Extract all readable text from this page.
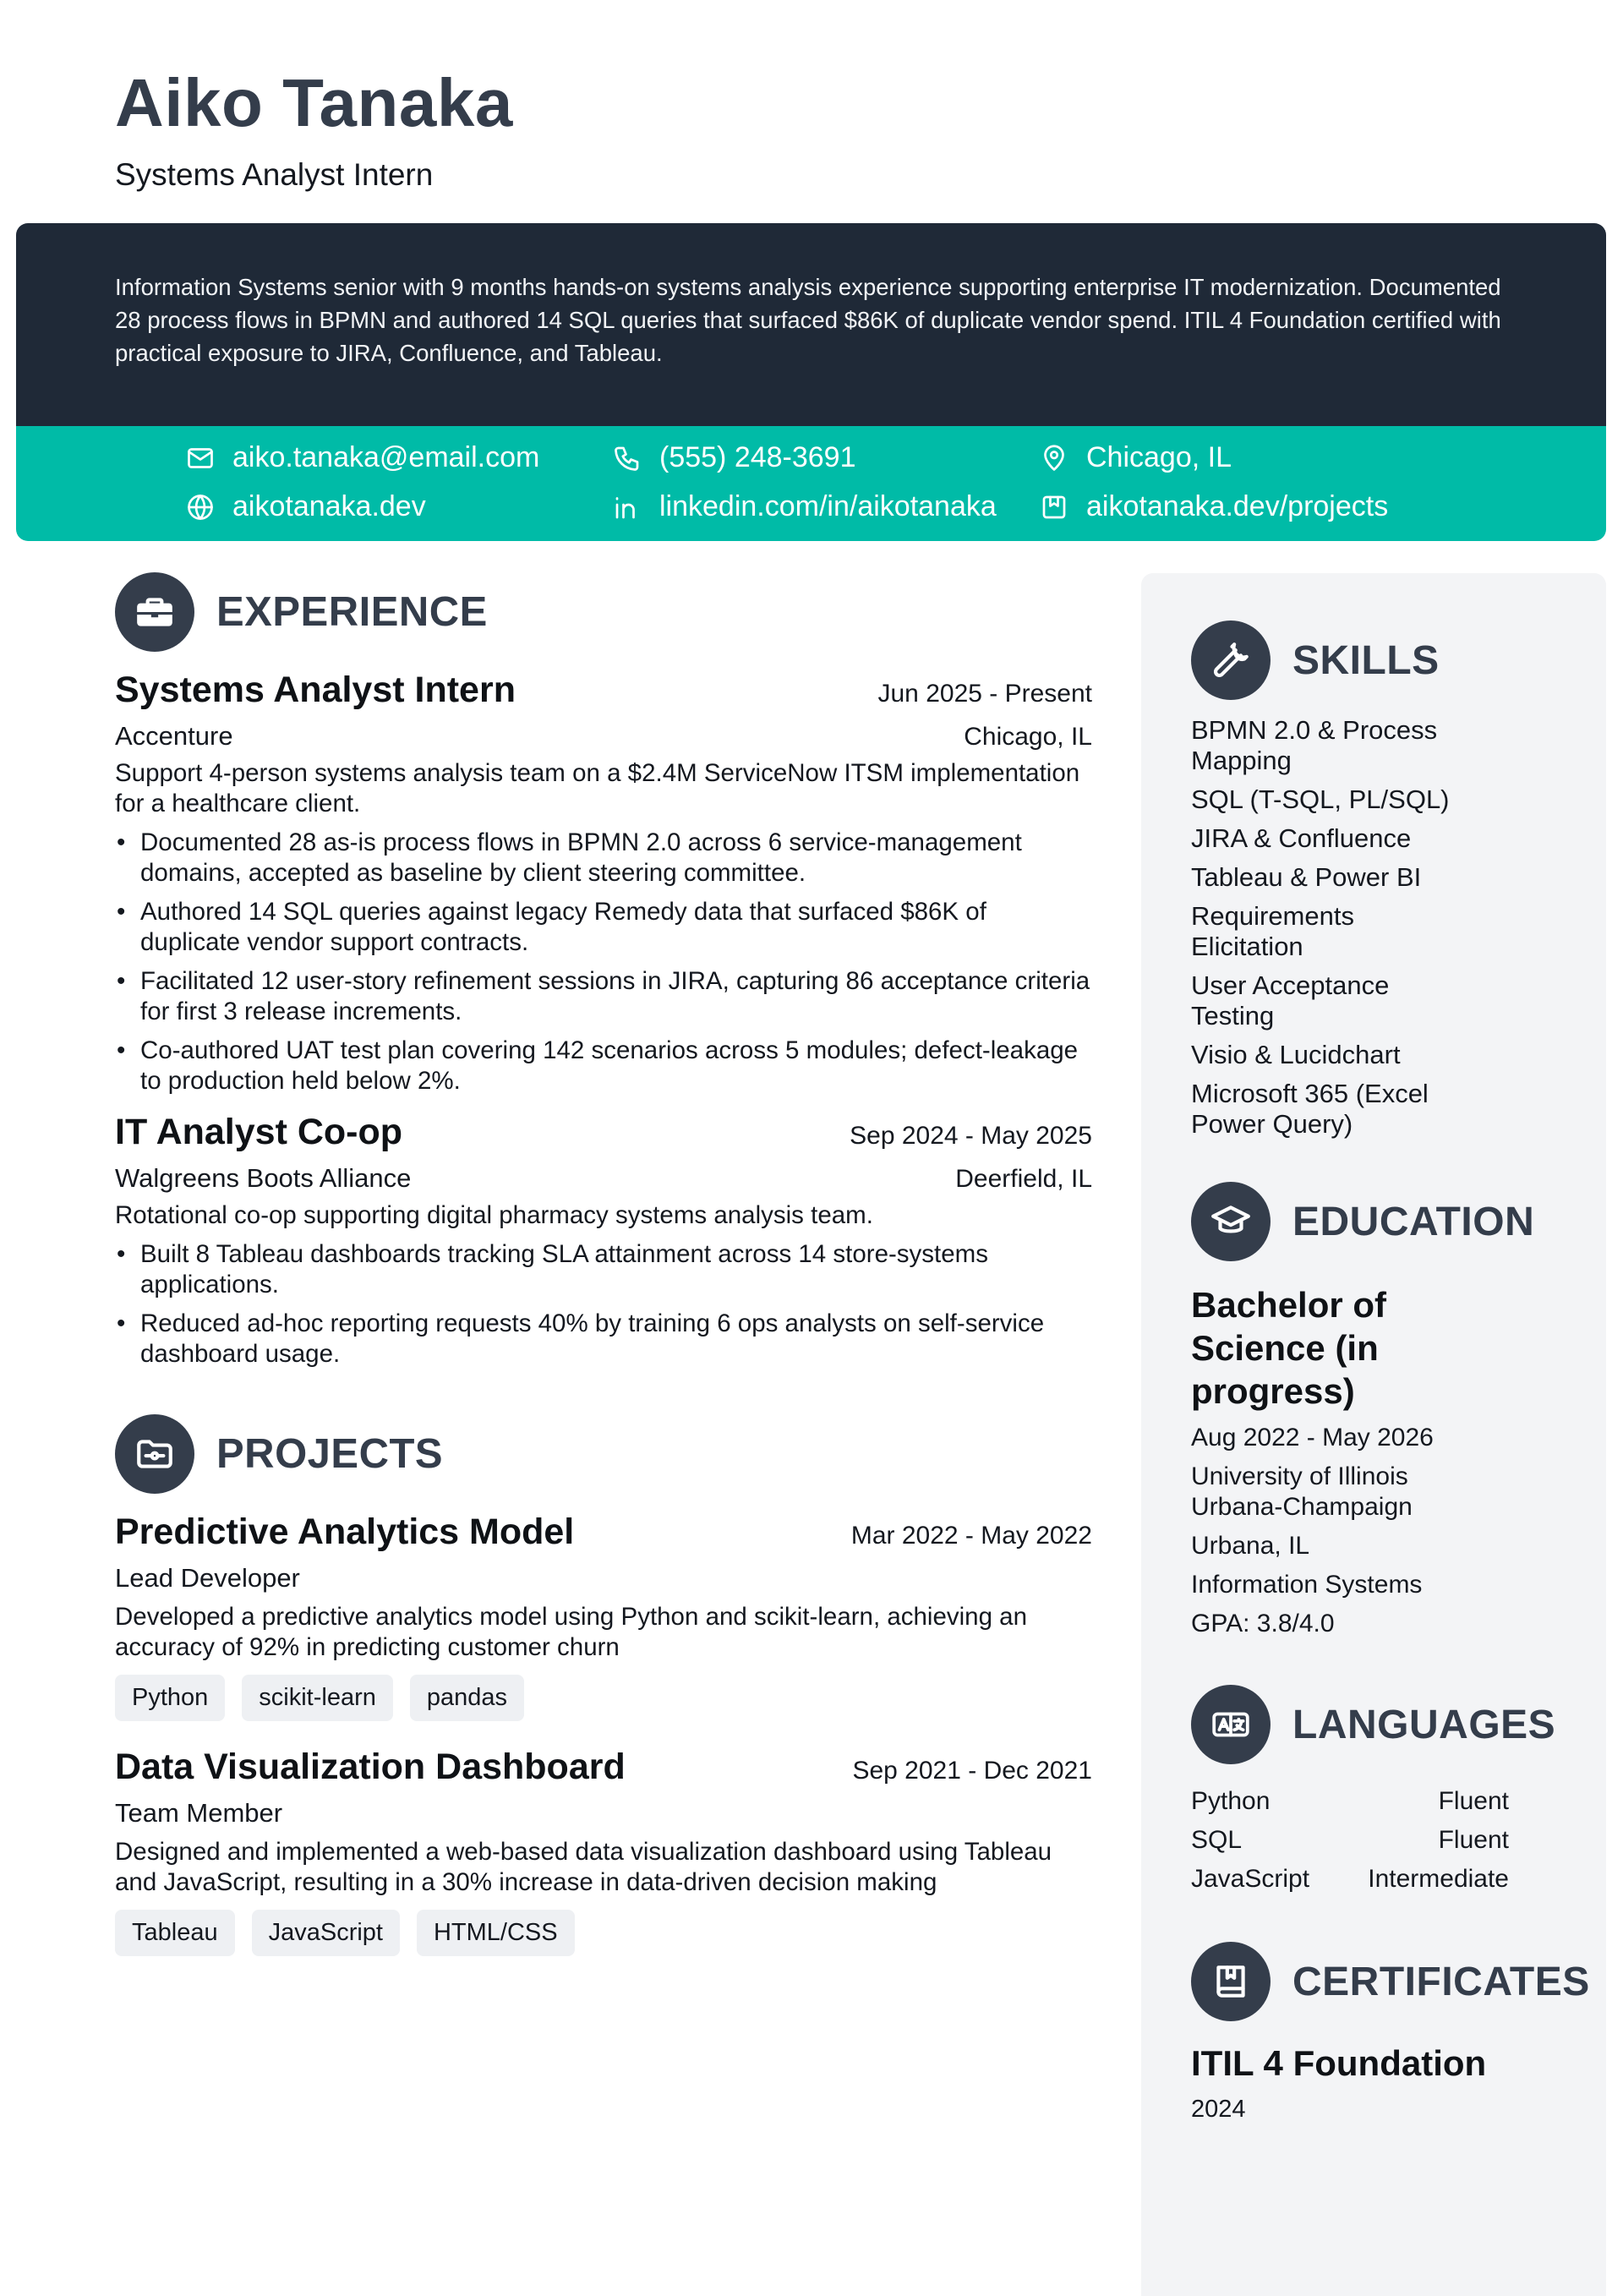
Aiko Tanaka
Systems Analyst Intern

Information Systems senior with 9 months hands-on systems analysis experience supporting enterprise IT modernization. Documented 28 process flows in BPMN and authored 14 SQL queries that surfaced $86K of duplicate vendor spend. ITIL 4 Foundation certified with practical exposure to JIRA, Confluence, and Tableau.

aiko.tanaka@email.com	(555) 248-3691	Chicago, IL
aikotanaka.dev	linkedin.com/in/aikotanaka	aikotanaka.dev/projects
EXPERIENCE
Systems Analyst Intern	Jun 2025 - Present
Accenture	Chicago, IL
Support 4-person systems analysis team on a $2.4M ServiceNow ITSM implementation for a healthcare client.
• Documented 28 as-is process flows in BPMN 2.0 across 6 service-management domains, accepted as baseline by client steering committee.
• Authored 14 SQL queries against legacy Remedy data that surfaced $86K of duplicate vendor support contracts.
• Facilitated 12 user-story refinement sessions in JIRA, capturing 86 acceptance criteria for first 3 release increments.
• Co-authored UAT test plan covering 142 scenarios across 5 modules; defect-leakage to production held below 2%.
IT Analyst Co-op	Sep 2024 - May 2025
Walgreens Boots Alliance	Deerfield, IL
Rotational co-op supporting digital pharmacy systems analysis team.
• Built 8 Tableau dashboards tracking SLA attainment across 14 store-systems applications.
• Reduced ad-hoc reporting requests 40% by training 6 ops analysts on self-service dashboard usage.
PROJECTS
Predictive Analytics Model	Mar 2022 - May 2022
Lead Developer
Developed a predictive analytics model using Python and scikit-learn, achieving an accuracy of 92% in predicting customer churn
Python	scikit-learn	pandas
Data Visualization Dashboard	Sep 2021 - Dec 2021
Team Member
Designed and implemented a web-based data visualization dashboard using Tableau and JavaScript, resulting in a 30% increase in data-driven decision making
Tableau	JavaScript	HTML/CSS
SKILLS
BPMN 2.0 & Process Mapping
SQL (T-SQL, PL/SQL)
JIRA & Confluence
Tableau & Power BI
Requirements Elicitation
User Acceptance Testing
Visio & Lucidchart
Microsoft 365 (Excel Power Query)
EDUCATION
Bachelor of Science (in progress)
Aug 2022 - May 2026
University of Illinois Urbana-Champaign
Urbana, IL
Information Systems
GPA: 3.8/4.0
LANGUAGES
Python	Fluent
SQL	Fluent
JavaScript Intermediate
CERTIFICATES
ITIL 4 Foundation
2024
